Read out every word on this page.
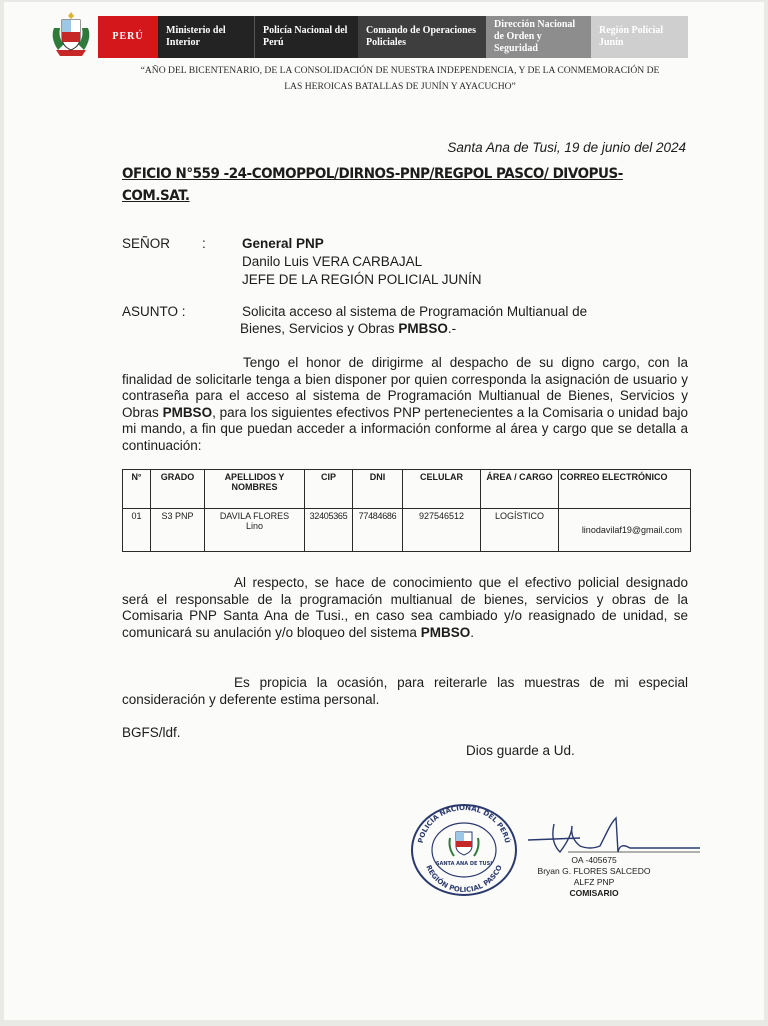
PERÚ
Ministerio del Interior
Policía Nacional del Perú
Comando de Operaciones Policiales
Dirección Nacional de Orden y Seguridad
Región Policial Junín
“AÑO DEL BICENTENARIO, DE LA CONSOLIDACIÓN DE NUESTRA INDEPENDENCIA, Y DE LA CONMEMORACIÓN DE
LAS HEROICAS BATALLAS DE JUNÍN Y AYACUCHO”
Santa Ana de Tusi, 19 de junio del 2024
OFICIO N°559 -24-COMOPPOL/DIRNOS-PNP/REGPOL PASCO/ DIVOPUS-COM.SAT.
SEÑOR :	General PNP
Danilo Luis VERA CARBAJAL
JEFE DE LA REGIÓN POLICIAL JUNÍN
ASUNTO :	Solicita acceso al sistema de Programación Multianual de
Bienes, Servicios y Obras PMBSO.-
Tengo el honor de dirigirme al despacho de su digno cargo, con la finalidad de solicitarle tenga a bien disponer por quien corresponda la asignación de usuario y contraseña para el acceso al sistema de Programación Multianual de Bienes, Servicios y Obras PMBSO, para los siguientes efectivos PNP pertenecientes a la Comisaria o unidad bajo mi mando, a fin que puedan acceder a información conforme al área y cargo que se detalla a continuación:
N°	GRADO	APELLIDOS Y NOMBRES	CIP	DNI	CELULAR	ÁREA / CARGO	CORREO ELECTRÓNICO
01	S3 PNP	DAVILA FLORES
Lino	32405365	77484686	927546512	LOGÍSTICO	linodavilaf19@gmail.com
Al respecto, se hace de conocimiento que el efectivo policial designado será el responsable de la programación multianual de bienes, servicios y obras de la Comisaria PNP Santa Ana de Tusi., en caso sea cambiado y/o reasignado de unidad, se comunicará su anulación y/o bloqueo del sistema PMBSO.
Es propicia la ocasión, para reiterarle las muestras de mi especial consideración y deferente estima personal.
BGFS/ldf.
Dios guarde a Ud.
POLICÍA NACIONAL DEL PERÚ
REGIÓN POLICIAL PASCO
SANTA ANA DE TUSI	OA -405675
Bryan G. FLORES SALCEDO
ALFZ PNP
COMISARIO
